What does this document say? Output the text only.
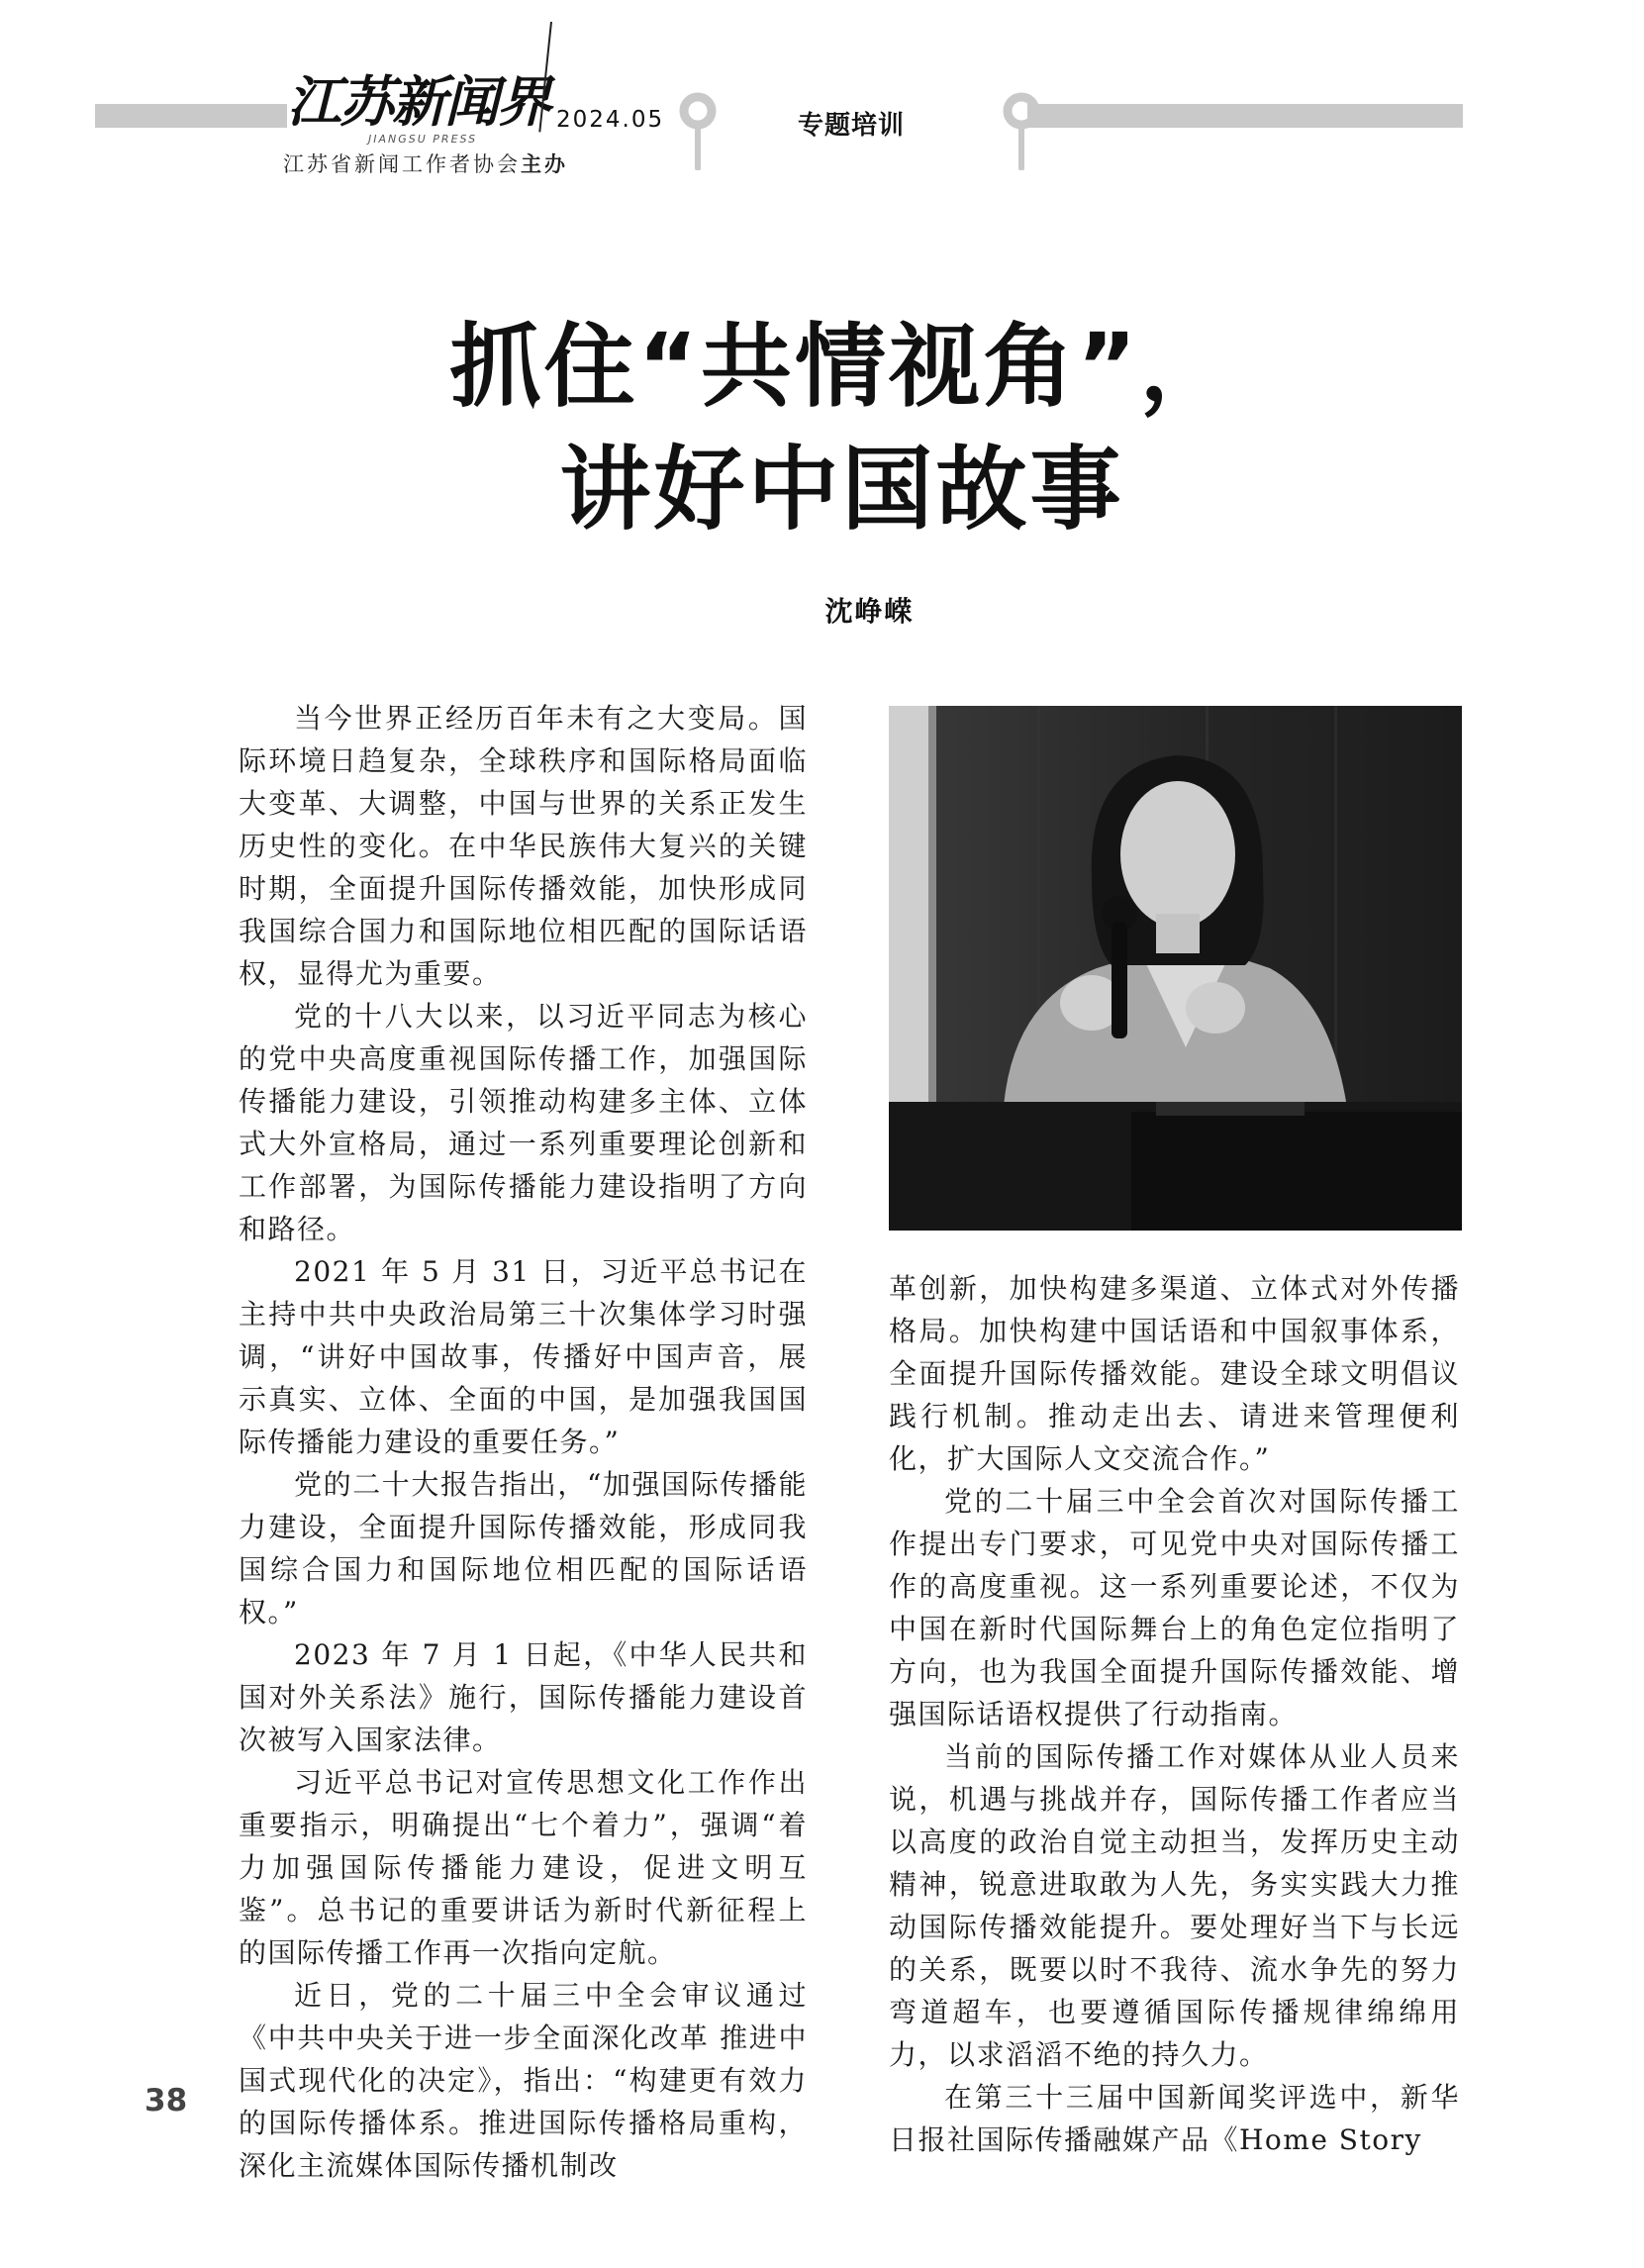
江苏新闻界
JIANGSU PRESS
2024.05
江苏省新闻工作者协会主办
专题培训
抓住“共情视角”，
讲好中国故事
沈峥嵘

当今世界正经历百年未有之大变局。国际环境日趋复杂，全球秩序和国际格局面临大变革、大调整，中国与世界的关系正发生历史性的变化。在中华民族伟大复兴的关键时期，全面提升国际传播效能，加快形成同我国综合国力和国际地位相匹配的国际话语权，显得尤为重要。

党的十八大以来，以习近平同志为核心的党中央高度重视国际传播工作，加强国际传播能力建设，引领推动构建多主体、立体式大外宣格局，通过一系列重要理论创新和工作部署，为国际传播能力建设指明了方向和路径。

2021 年 5 月 31 日，习近平总书记在主持中共中央政治局第三十次集体学习时强调，“讲好中国故事，传播好中国声音，展示真实、立体、全面的中国，是加强我国国际传播能力建设的重要任务。”

党的二十大报告指出，“加强国际传播能力建设，全面提升国际传播效能，形成同我国综合国力和国际地位相匹配的国际话语权。”

2023 年 7 月 1 日起，《中华人民共和国对外关系法》施行，国际传播能力建设首次被写入国家法律。

习近平总书记对宣传思想文化工作作出重要指示，明确提出“七个着力”，强调“着力加强国际传播能力建设，促进文明互鉴”。总书记的重要讲话为新时代新征程上的国际传播工作再一次指向定航。

近日，党的二十届三中全会审议通过《中共中央关于进一步全面深化改革 推进中国式现代化的决定》，指出：“构建更有效力的国际传播体系。推进国际传播格局重构，深化主流媒体国际传播机制改

革创新，加快构建多渠道、立体式对外传播格局。加快构建中国话语和中国叙事体系，全面提升国际传播效能。建设全球文明倡议践行机制。推动走出去、请进来管理便利化，扩大国际人文交流合作。”

党的二十届三中全会首次对国际传播工作提出专门要求，可见党中央对国际传播工作的高度重视。这一系列重要论述，不仅为中国在新时代国际舞台上的角色定位指明了方向，也为我国全面提升国际传播效能、增强国际话语权提供了行动指南。

当前的国际传播工作对媒体从业人员来说，机遇与挑战并存，国际传播工作者应当以高度的政治自觉主动担当，发挥历史主动精神，锐意进取敢为人先，务实实践大力推动国际传播效能提升。要处理好当下与长远的关系，既要以时不我待、流水争先的努力弯道超车，也要遵循国际传播规律绵绵用力，以求滔滔不绝的持久力。

在第三十三届中国新闻奖评选中，新华日报社国际传播融媒产品《Home Story

38
